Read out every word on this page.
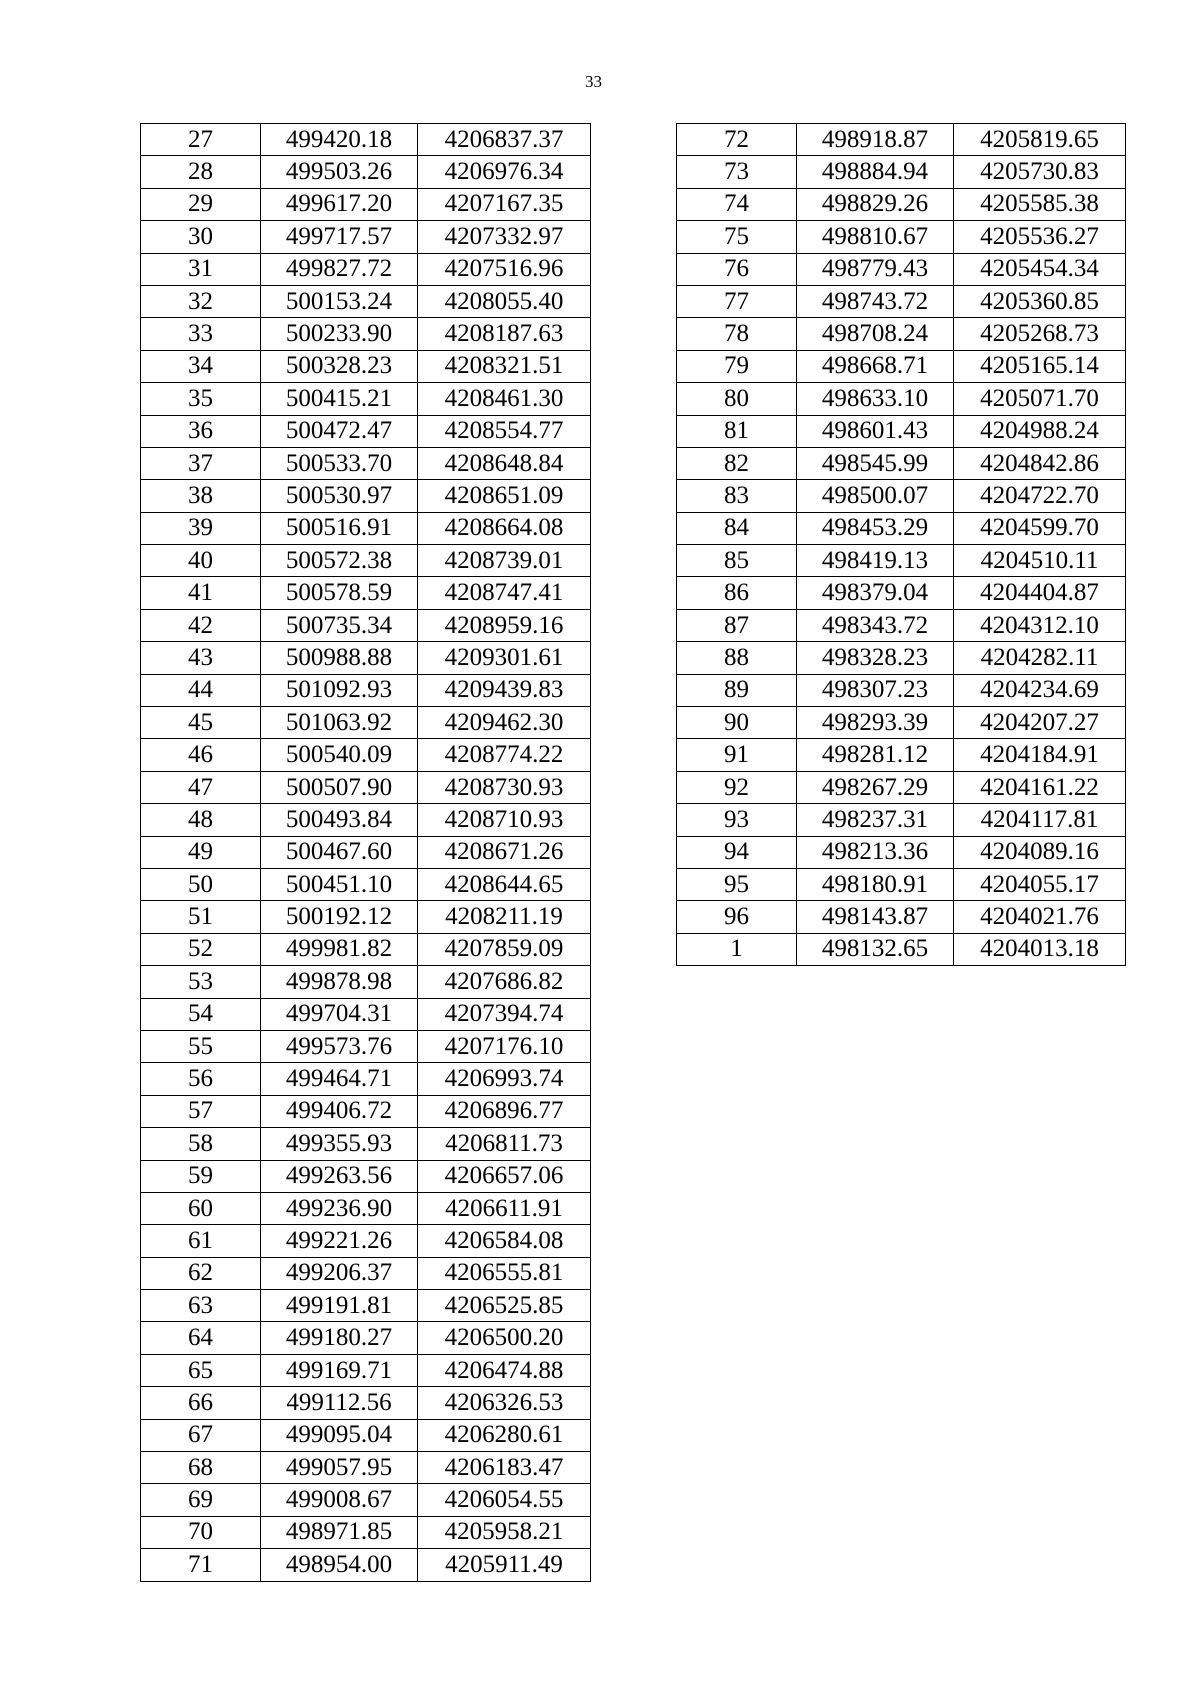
33
27	499420.18	4206837.37
28	499503.26	4206976.34
29	499617.20	4207167.35
30	499717.57	4207332.97
31	499827.72	4207516.96
32	500153.24	4208055.40
33	500233.90	4208187.63
34	500328.23	4208321.51
35	500415.21	4208461.30
36	500472.47	4208554.77
37	500533.70	4208648.84
38	500530.97	4208651.09
39	500516.91	4208664.08
40	500572.38	4208739.01
41	500578.59	4208747.41
42	500735.34	4208959.16
43	500988.88	4209301.61
44	501092.93	4209439.83
45	501063.92	4209462.30
46	500540.09	4208774.22
47	500507.90	4208730.93
48	500493.84	4208710.93
49	500467.60	4208671.26
50	500451.10	4208644.65
51	500192.12	4208211.19
52	499981.82	4207859.09
53	499878.98	4207686.82
54	499704.31	4207394.74
55	499573.76	4207176.10
56	499464.71	4206993.74
57	499406.72	4206896.77
58	499355.93	4206811.73
59	499263.56	4206657.06
60	499236.90	4206611.91
61	499221.26	4206584.08
62	499206.37	4206555.81
63	499191.81	4206525.85
64	499180.27	4206500.20
65	499169.71	4206474.88
66	499112.56	4206326.53
67	499095.04	4206280.61
68	499057.95	4206183.47
69	499008.67	4206054.55
70	498971.85	4205958.21
71	498954.00	4205911.49
72	498918.87	4205819.65
73	498884.94	4205730.83
74	498829.26	4205585.38
75	498810.67	4205536.27
76	498779.43	4205454.34
77	498743.72	4205360.85
78	498708.24	4205268.73
79	498668.71	4205165.14
80	498633.10	4205071.70
81	498601.43	4204988.24
82	498545.99	4204842.86
83	498500.07	4204722.70
84	498453.29	4204599.70
85	498419.13	4204510.11
86	498379.04	4204404.87
87	498343.72	4204312.10
88	498328.23	4204282.11
89	498307.23	4204234.69
90	498293.39	4204207.27
91	498281.12	4204184.91
92	498267.29	4204161.22
93	498237.31	4204117.81
94	498213.36	4204089.16
95	498180.91	4204055.17
96	498143.87	4204021.76
1	498132.65	4204013.18
